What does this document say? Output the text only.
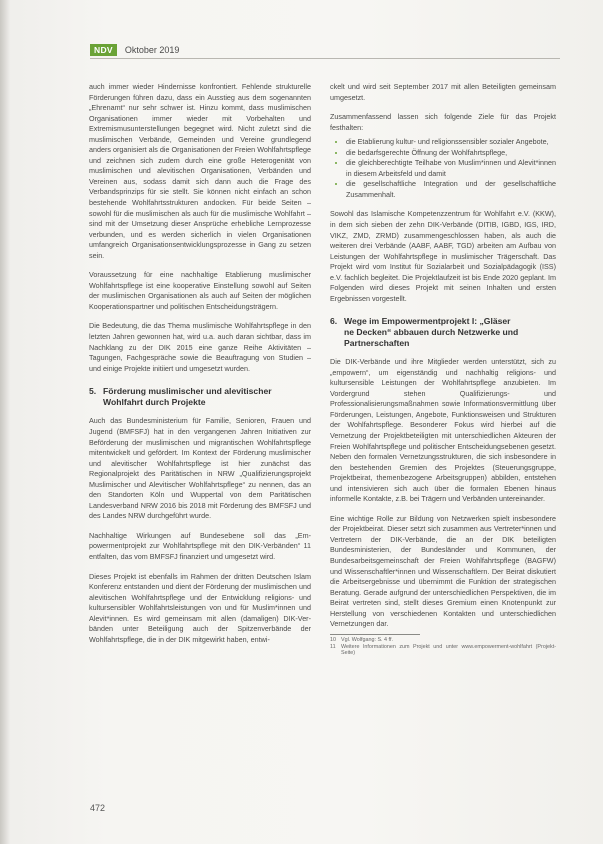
NDV	Oktober 2019

auch immer wieder Hindernisse konfrontiert. Fehlende strukturelle Förderungen führen dazu, dass ein Ausstieg aus dem sogenannten „Ehrenamt“ nur sehr schwer ist. Hinzu kommt, dass muslimischen Organisationen immer wieder mit Vorbehalten und Extremismusunterstellungen begegnet wird. Nicht zuletzt sind die muslimischen Verbände, Gemeinden und Vereine grundlegend anders organisiert als die Organisationen der Freien Wohlfahrtspflege und zeichnen sich zudem durch eine große Heterogenität von muslimischen und alevitischen Organisationen, Verbänden und Vereinen aus, sodass damit sich dann auch die Frage des Verbandsprinzips für sie stellt. Sie können nicht einfach an schon bestehende Wohlfahrtsstrukturen andocken. Für beide Seiten – sowohl für die muslimischen als auch für die muslimische Wohlfahrt – sind mit der Umsetzung dieser Ansprüche erhebliche Lernprozesse verbunden, und es werden sicherlich in vielen Organisationen umfangreich Organisationsentwicklungsprozesse in Gang zu setzen sein.

Voraussetzung für eine nachhaltige Etablierung muslimischer Wohlfahrtspflege ist eine kooperative Einstellung sowohl auf Seiten der muslimischen Organisationen als auch auf Seiten der möglichen Kooperationspartner und politischen Entscheidungsträgern.

Die Bedeutung, die das Thema muslimische Wohlfahrtspflege in den letzten Jahren gewonnen hat, wird u.a. auch daran sichtbar, dass im Nachklang zu der DIK 2015 eine ganze Reihe Aktivitäten – Tagungen, Fachgespräche sowie die Beauftragung von Studien – und einige Projekte initiiert und umgesetzt wurden.

5. Förderung muslimischer und alevitischer
Wohlfahrt durch Projekte

Auch das Bundesministerium für Familie, Senioren, Frauen und Jugend (BMFSFJ) hat in den vergangenen Jahren Initiativen zur Beförderung der muslimischen und migrantischen Wohlfahrtspflege mitentwickelt und gefördert. Im Kontext der Förderung muslimischer und alevitischer Wohlfahrtspflege ist hier zunächst das Regionalprojekt des Paritätischen in NRW „Qualifizierungsprojekt Muslimischer und Alevitischer Wohlfahrtspflege“ zu nennen, das an den Standorten Köln und Wuppertal von dem Paritätischen Landesverband NRW 2016 bis 2018 mit Förderung des BMFSFJ und des Landes NRW durchgeführt wurde.

Nachhaltige Wirkungen auf Bundesebene soll das „Empowermentprojekt zur Wohlfahrtspflege mit den DIK-Verbänden“ 11 entfalten, das vom BMFSFJ finanziert und umgesetzt wird.

Dieses Projekt ist ebenfalls im Rahmen der dritten Deutschen Islam Konferenz entstanden und dient der Förderung der muslimischen und alevitischen Wohlfahrtspflege und der Entwicklung religions- und kultursensibler Wohlfahrtsleistungen von und für Muslim*innen und Alevit*innen. Es wird gemeinsam mit allen (damaligen) DIK-Verbänden unter Beteiligung auch der Spitzenverbände der Wohlfahrtspflege, die in der DIK mitgewirkt haben, entwi-

ckelt und wird seit September 2017 mit allen Beteiligten gemeinsam umgesetzt.

Zusammenfassend lassen sich folgende Ziele für das Projekt festhalten:

• die Etablierung kultur- und religionssensibler sozialer Angebote,
• die bedarfsgerechte Öffnung der Wohlfahrtspflege,
• die gleichberechtigte Teilhabe von Muslim*innen und Alevit*innen in diesem Arbeitsfeld und damit
• die gesellschaftliche Integration und der gesellschaftliche Zusammenhalt.

Sowohl das Islamische Kompetenzzentrum für Wohlfahrt e.V. (KKW), in dem sich sieben der zehn DIK-Verbände (DITIB, IGBD, IGS, IRD, VIKZ, ZMD, ZRMD) zusammengeschlossen haben, als auch die weiteren drei Verbände (AABF, AABF, TGD) arbeiten am Aufbau von Leistungen der Wohlfahrtspflege in muslimischer Trägerschaft. Das Projekt wird vom Institut für Sozialarbeit und Sozialpädagogik (ISS) e.V. fachlich begleitet. Die Projektlaufzeit ist bis Ende 2020 geplant. Im Folgenden wird dieses Projekt mit seinen Inhalten und ersten Ergebnissen vorgestellt.

6. Wege im Empowermentprojekt I: „Gläser
ne Decken“ abbauen durch Netzwerke und
Partnerschaften

Die DIK-Verbände und ihre Mitglieder werden unterstützt, sich zu „empowern“, um eigenständig und nachhaltig religions- und kultursensible Leistungen der Wohlfahrtspflege anzubieten. Im Vordergrund stehen Qualifizierungs- und Professionalisierungsmaßnahmen sowie Informationsvermittlung über Förderungen, Leistungen, Angebote, Funktionsweisen und Strukturen der Wohlfahrtspflege. Besonderer Fokus wird hierbei auf die Vernetzung der Projektbeteiligten mit unterschiedlichen Akteuren der Freien Wohlfahrtspflege und politischer Entscheidungsebenen gesetzt. Neben den formalen Vernetzungsstrukturen, die sich insbesondere in den bestehenden Gremien des Projektes (Steuerungsgruppe, Projektbeirat, themenbezogene Arbeitsgruppen) abbilden, entstehen und intensivieren sich auch über die formalen Ebenen hinaus informelle Kontakte, z.B. bei Trägern und Verbänden untereinander.

Eine wichtige Rolle zur Bildung von Netzwerken spielt insbesondere der Projektbeirat. Dieser setzt sich zusammen aus Vertreter*innen und Vertretern der DIK-Verbände, die an der DIK beteiligten Bundesministerien, der Bundesländer und Kommunen, der Bundesarbeitsgemeinschaft der Freien Wohlfahrtspflege (BAGFW) und Wissenschaftler*innen und Wissenschaftlern. Der Beirat diskutiert die Arbeitsergebnisse und übernimmt die Funktion der strategischen Beratung. Gerade aufgrund der unterschiedlichen Perspektiven, die im Beirat vertreten sind, stellt dieses Gremium einen Knotenpunkt zur Herstellung von verschiedenen Kontakten und unterschiedlichen Vernetzungen dar.

10 Vgl. Wolfgang: S. 4 ff.
11 Weitere Informationen zum Projekt und unter www.empowerment-wohlfahrt (Projekt-Seite)
472
